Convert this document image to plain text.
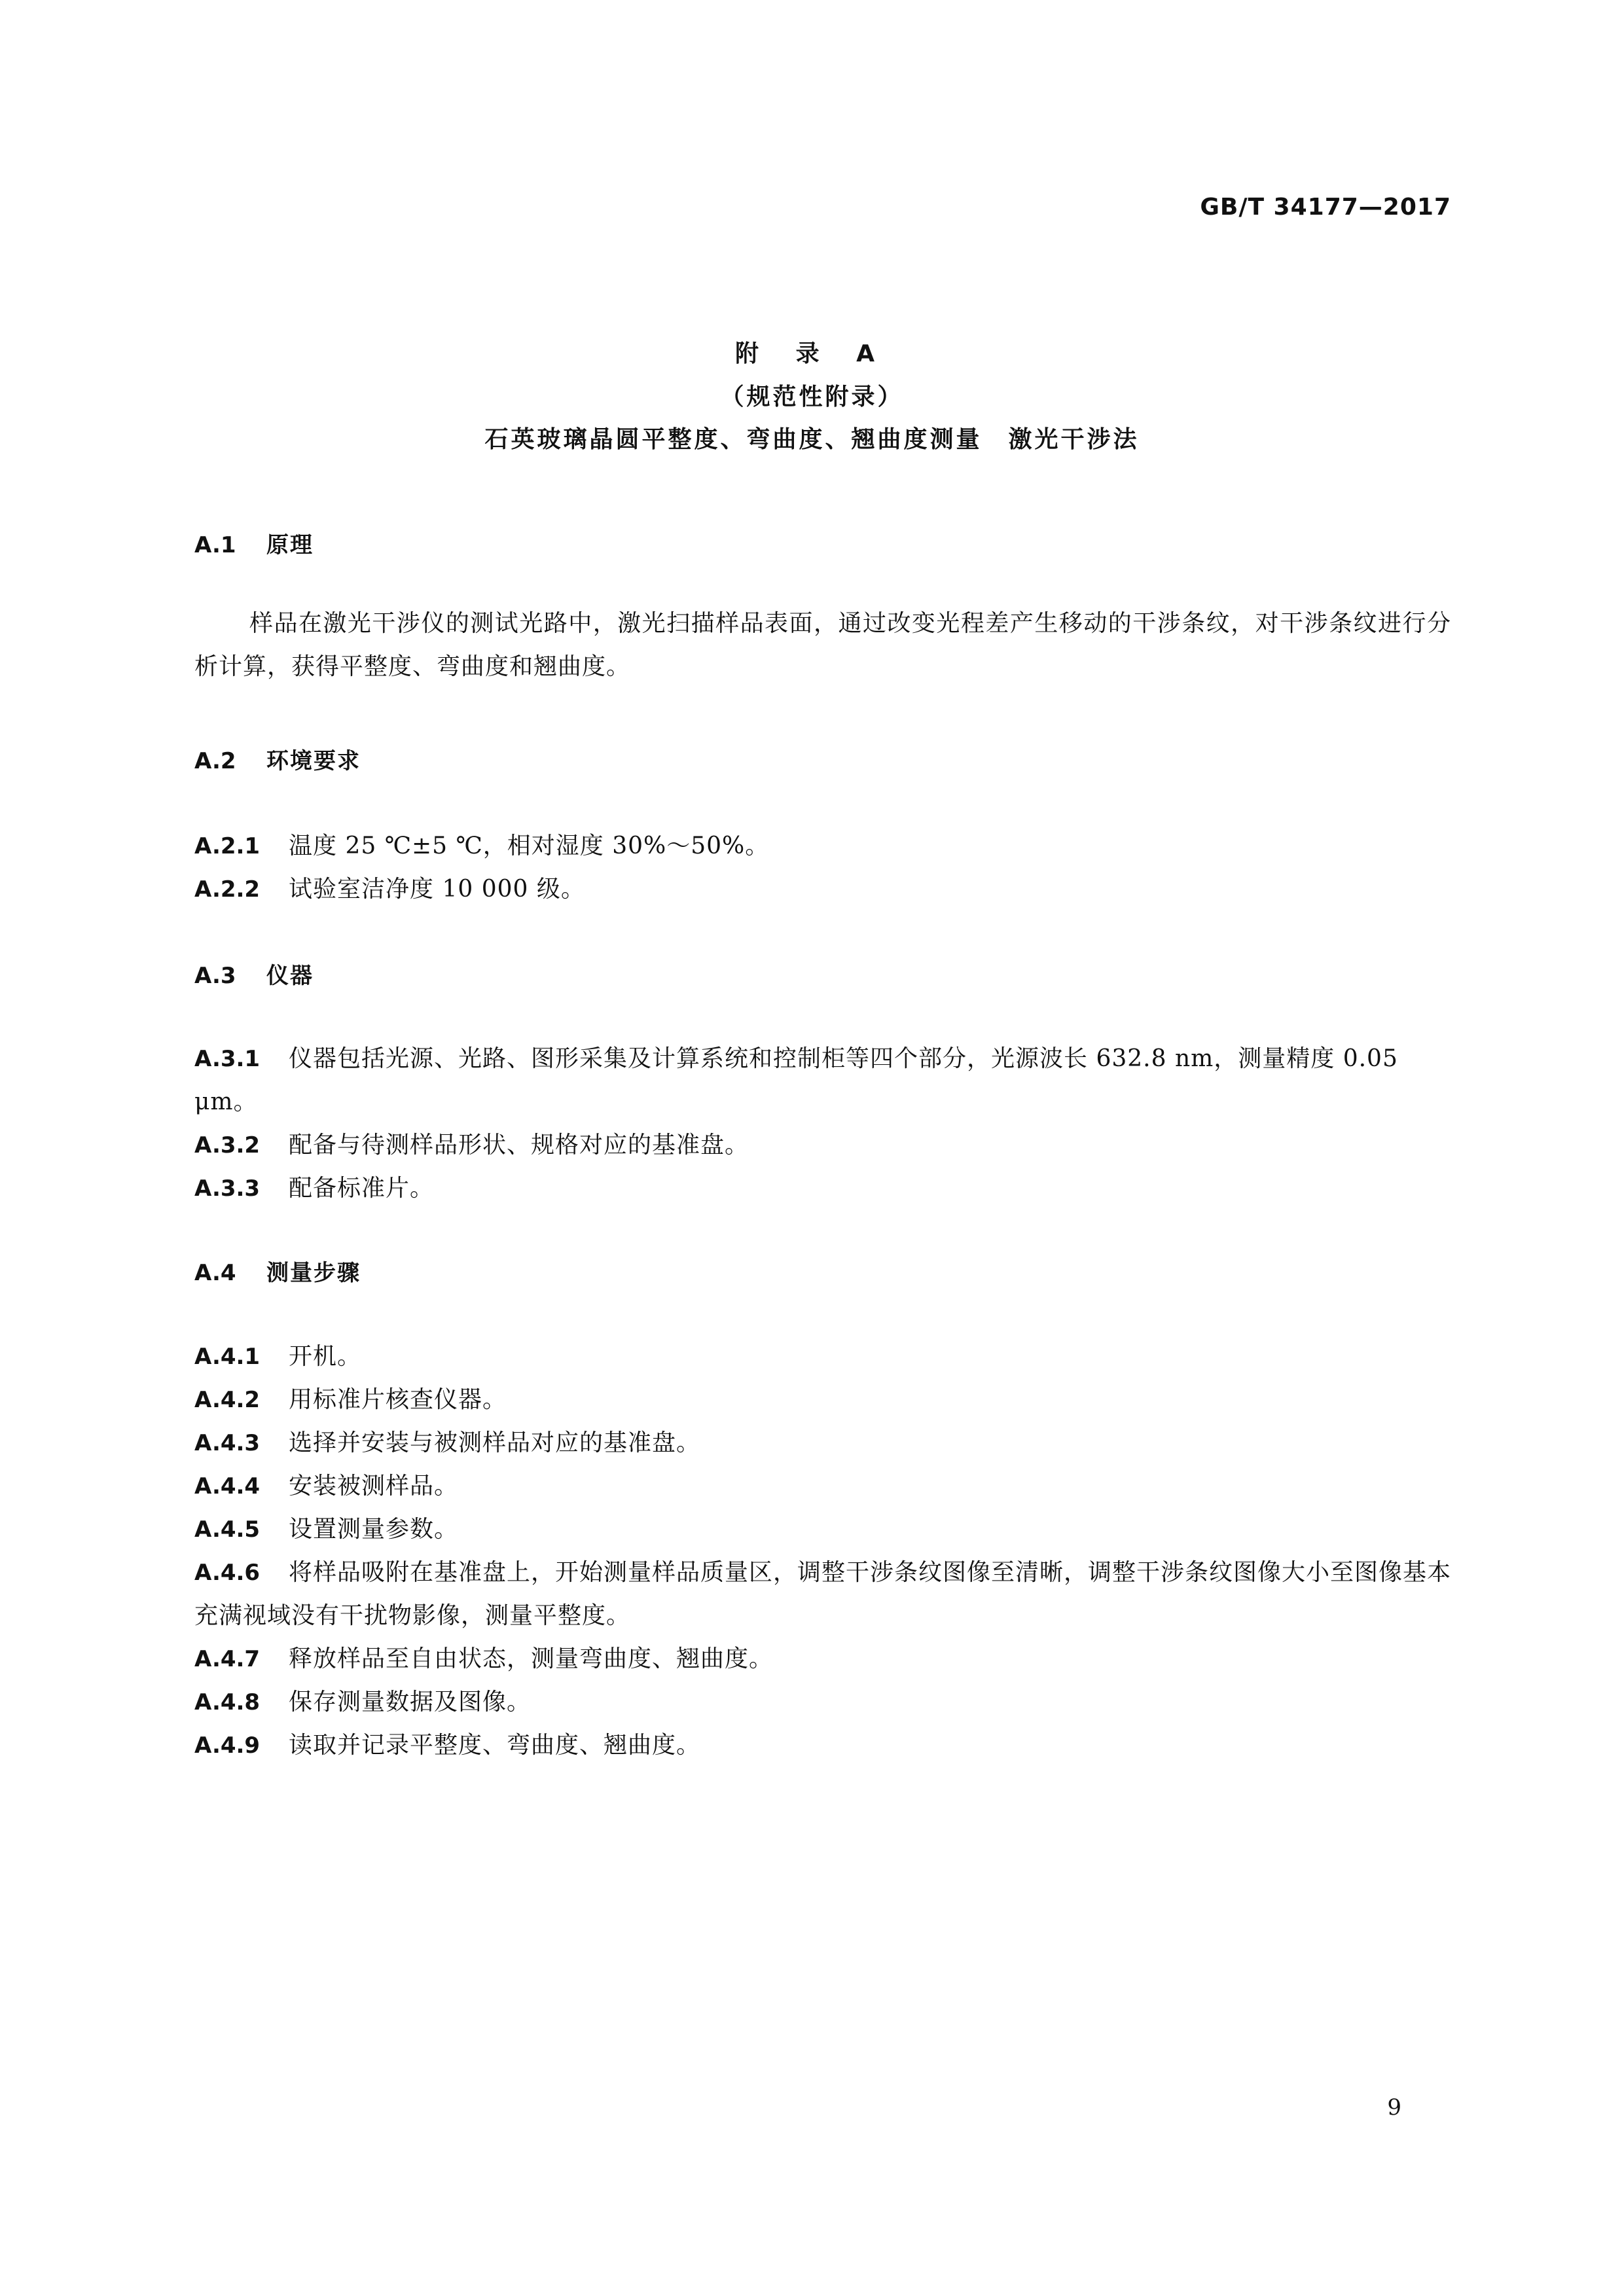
GB/T 34177—2017
附 录 A
（规范性附录）
石英玻璃晶圆平整度、弯曲度、翘曲度测量　激光干涉法
A.1 原理

样品在激光干涉仪的测试光路中，激光扫描样品表面，通过改变光程差产生移动的干涉条纹，对干涉条纹进行分析计算，获得平整度、弯曲度和翘曲度。

A.2 环境要求

A.2.1 温度 25 ℃±5 ℃，相对湿度 30%～50%。

A.2.2 试验室洁净度 10 000 级。

A.3 仪器

A.3.1 仪器包括光源、光路、图形采集及计算系统和控制柜等四个部分，光源波长 632.8 nm，测量精度 0.05 μm。

A.3.2 配备与待测样品形状、规格对应的基准盘。

A.3.3 配备标准片。

A.4 测量步骤

A.4.1 开机。

A.4.2 用标准片核查仪器。

A.4.3 选择并安装与被测样品对应的基准盘。

A.4.4 安装被测样品。

A.4.5 设置测量参数。

A.4.6 将样品吸附在基准盘上，开始测量样品质量区，调整干涉条纹图像至清晰，调整干涉条纹图像大小至图像基本充满视域没有干扰物影像，测量平整度。

A.4.7 释放样品至自由状态，测量弯曲度、翘曲度。

A.4.8 保存测量数据及图像。

A.4.9 读取并记录平整度、弯曲度、翘曲度。

9
